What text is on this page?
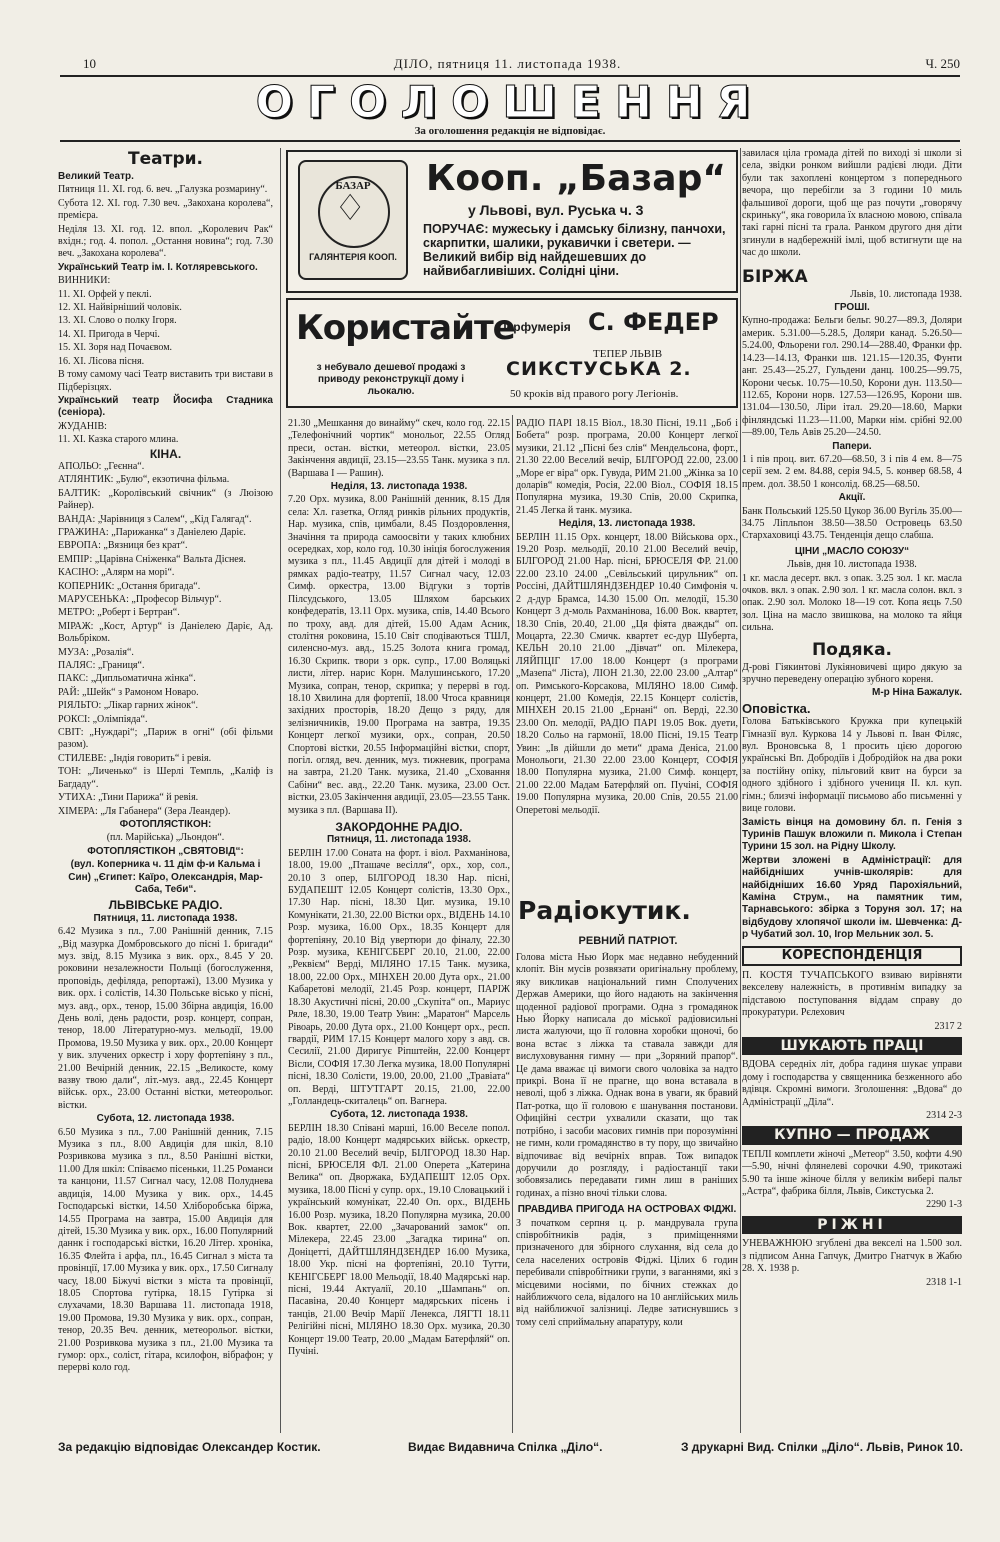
10	ДІЛО, пятниця 11. листопада 1938.	Ч. 250
ОГОЛОШЕННЯ
За оголошення редакція не відповідає.

Театри.

Великий Театр.

Пятниця 11. XI. год. 6. веч. „Галузка розмарину“.

Субота 12. XI. год. 7.30 веч. „Закохана королева“, премієра.

Неділя 13. XI. год. 12. впол. „Королевич Рак“ вхідн.; год. 4. попол. „Остання новина“; год. 7.30 веч. „Закохана королева“.

Український Театр ім. І. Котляревського.

ВИННИКИ:

11. XI. Орфей у пеклі.

12. XI. Найвірніший чоловік.

13. XI. Слово о полку Ігоря.

14. XI. Пригода в Черчі.

15. XI. Зоря над Почаєвом.

16. XI. Лісова пісня.

В тому самому часі Театр виставить три вистави в Підберізцях.

Український театр Йосифа Стадника (сеніора).

ЖУДАНІВ:

11. XI. Казка старого млина.

КІНА.

АПОЛЬО: „Геєнна“.

АТЛЯНТИК: „Булю“, екзотична фільма.

БАЛТИК: „Королівський свічник“ (з Люізою Райнер).

ВАНДА: „Чарівниця з Салем“, „Кід Галягад“.

ГРАЖИНА: „Парижанка“ з Даніелею Даріє.

ЕВРОПА: „Вязниця без крат“.

ЕМПІР: „Царівна Сніженка“ Вальта Діснея.

КАСІНО: „Алярм на морі“.

КОПЕРНИК: „Остання бригада“.

МАРУСЕНЬКА: „Професор Вільчур“.

МЕТРО: „Роберт і Бертран“.

МІРАЖ: „Кост, Артур“ із Даніелею Даріє, Ад. Вольбріком.

МУЗА: „Розалія“.

ПАЛЯС: „Границя“.

ПАКС: „Дипльоматична жінка“.

РАЙ: „Шейк“ з Рамоном Новаро.

РІЯЛЬТО: „Лікар гарних жінок“.

РОКСІ: „Олімпіяда“.

СВІТ: „Нуждарі“; „Париж в огні“ (обі фільми разом).

СТИЛЕВЕ: „Індія говорить“ і ревія.

ТОН: „Личенько“ із Шерлі Темпль, „Каліф із Багдаду“.

УТИХА: „Тини Парижа“ й ревія.

ХІМЕРА: „Ля Габанера“ (Зера Леандер).

ФОТОПЛЯСТІКОН:

(пл. Марійська) „Льондон“.

ФОТОПЛЯСТІКОН „СВЯТОВІД“:

(вул. Коперника ч. 11 дім ф-и Кальма і Син) „Єгипет: Каїро, Олександрія, Мар-Саба, Теби“.

ЛЬВІВСЬКЕ РАДІО.

Пятниця, 11. листопада 1938.

6.42 Музика з пл., 7.00 Ранішній денник, 7.15 „Від мазурка Домбровського до пісні 1. бригади“ муз. звід, 8.15 Музика з вик. орх., 8.45 У 20. роковини незалежности Польщі (богослуження, проповідь, дефіляда, репортажі), 13.00 Музика у вик. орх. і солістів, 14.30 Польське вісько у пісні, муз. авд., орх., тенор, 15.00 Збірна авдиція, 16.00 День волі, день радости, розр. концерт, сопран, тенор, 18.00 Літературно-муз. мельодії, 19.00 Промова, 19.50 Музика у вик. орх., 20.00 Концерт у вик. злучених оркестр і хору фортепіяну з пл., 21.00 Вечірній денник, 22.15 „Великосте, кому вазву твою дали“, літ.-муз. авд., 22.45 Концерт військ. орх., 23.00 Останні вістки, метеорольог. вістки.

Субота, 12. листопада 1938.

6.50 Музика з пл., 7.00 Ранішній денник, 7.15 Музика з пл., 8.00 Авдиція для шкіл, 8.10 Розривкова музика з пл., 8.50 Ранішні вістки, 11.00 Для шкіл: Співаємо пісеньки, 11.25 Романси та канцони, 11.57 Сигнал часу, 12.08 Полуднева авдиція, 14.00 Музика у вик. орх., 14.45 Господарські вістки, 14.50 Хліборобська біржа, 14.55 Програма на завтра, 15.00 Авдиція для дітей, 15.30 Музика у вик. орх., 16.00 Популярний даннк і господарські вістки, 16.20 Літер. хроніка, 16.35 Флейта і арфа, пл., 16.45 Сигнал з міста та провінції, 17.00 Музика у вик. орх., 17.50 Сигналу часу, 18.00 Біжучі вістки з міста та провінції, 18.05 Спортова гутірка, 18.15 Гутірка зі слухачами, 18.30 Варшава 11. листопада 1918, 19.00 Промова, 19.30 Музика у вик. орх., сопран, тенор, 20.35 Веч. денник, метеорольог. вістки, 21.00 Розривкова музика з пл., 21.00 Музика та гумор: орх., соліст, гітара, ксилофон, вібрафон; у перерві коло год.

БАЗАР
♢
ГАЛЯНТЕРІЯ КООП.
Кооп. „Базар“
у Львові, вул. Руська ч. 3
ПОРУЧАЄ: мужеську і дамську білизну, панчохи, скарпитки, шалики, рукавички і светери. — Великий вибір від найдешевших до найвибагливіших. Солідні ціни.
Користайте
з небувало дешевої продажі з приводу реконструкції дому і льокалю.
Перфумерія С. ФЕДЕР
ТЕПЕР ЛЬВІВ
СИКСТУСЬКА 2.
50 кроків від правого рогу Легіонів.

21.30 „Мешкання до винайму“ скеч, коло год. 22.15 „Телефонічний чортик“ монольог, 22.55 Огляд преси, остан. вістки, метеорол. вістки, 23.05 Закінчення авдиції, 23.15—23.55 Танк. музика з пл. (Варшава І — Рашин).

Неділя, 13. листопада 1938.

7.20 Орх. музика, 8.00 Ранішній денник, 8.15 Для села: Хл. газетка, Огляд ринків рільних продуктів, Нар. музика, спів, цимбали, 8.45 Поздоровлення, Значіння та природа самоосвіти у таких клюбних осередках, хор, коло год. 10.30 ініція богослужения музика з пл., 11.45 Авдиції для дітей і молоді в рямках радіо-театру, 11.57 Сигнал часу, 12.03 Симф. оркестра, 13.00 Відгуки з тортів Пілсудського, 13.05 Шляхом барських конфедератів, 13.11 Орх. музика, спів, 14.40 Всього по троху, авд. для дітей, 15.00 Адам Асник, столітня роковина, 15.10 Світ сподіваються ТШЛ, силенсно-муз. авд., 15.25 Золота книга громад, 16.30 Скрипк. твори з орк. супр., 17.00 Воляцькі листи, літер. нарис Корн. Малушинського, 17.20 Музика, сопран, тенор, скрипка; у перерві в год. 18.10 Хвилина для фортепії, 18.00 Чтоса кравниця західних просторів, 18.20 Дещо з ряду, для зелізничників, 19.00 Програма на завтра, 19.35 Концерт легкої музики, орх., сопран, 20.50 Спортові вістки, 20.55 Інформаційні вістки, спорт, погіл. огляд, веч. денник, муз. тижневик, програма на завтра, 21.20 Танк. музика, 21.40 „Сховання Сабіни“ вес. авд., 22.20 Танк. музика, 23.00 Ост. вістки, 23.05 Закінчення авдиції, 23.05—23.55 Танк. музика з пл. (Варшава ІІ).

ЗАКОРДОННЕ РАДІО.

Пятниця, 11. листопада 1938.

БЕРЛІН 17.00 Соната на форт. і віол. Рахманінова, 18.00, 19.00 „Пташаче весілля“, орх., хор, сол., 20.10 3 опер, БІЛГОРОД 18.30 Нар. пісні, БУДАПЕШТ 12.05 Концерт солістів, 13.30 Орх., 17.30 Нар. пісні, 18.30 Циг. музика, 19.10 Комунікати, 21.30, 22.00 Вістки орх., ВІДЕНЬ 14.10 Розр. музика, 16.00 Орх., 18.35 Концерт для фортепіяну, 20.10 Від увертюри до фіналу, 22.30 Розр. музика, КЕНІГСБЕРГ 20.10, 21.00, 22.00 „Реквієм“ Верді, МІЛЯНО 17.15 Танк. музика, 18.00, 22.00 Орх., МІНХЕН 20.00 Дута орх., 21.00 Кабаретові мелодії, 21.45 Розр. концерт, ПАРІЖ 18.30 Акустичні пісні, 20.00 „Скупіта“ оп., Мариус Ряле, 18.30, 19.00 Театр Увин: „Маратон“ Марсель Рівоарь, 20.00 Дута орх., 21.00 Концерт орх., респ. гвардії, РИМ 17.15 Концерт малого хору з авд. св. Сесилії, 21.00 Диригує Ріпштейн, 22.00 Концерт Вісли, СОФІЯ 17.30 Легка музика, 18.00 Популярні пісні, 18.30 Солісти, 19.00, 20.00, 21.00 „Травіата“ оп. Верді, ШТУТГАРТ 20.15, 21.00, 22.00 „Голландець-скиталець“ оп. Вагнера.

Субота, 12. листопада 1938.

БЕРЛІН 18.30 Співані марші, 16.00 Веселе попол. радіо, 18.00 Концерт мадярських військ. оркестр, 20.10 21.00 Веселий вечір, БІЛГОРОД 18.30 Нар. пісні, БРЮСЕЛЯ ФЛ. 21.00 Оперета „Катерина Велика“ оп. Дворжака, БУДАПЕШТ 12.05 Орх. музика, 18.00 Пісні у супр. орх., 19.10 Словацький і український комунікат, 22.40 Оп. орх., ВІДЕНЬ 16.00 Розр. музика, 18.20 Популярна музика, 20.00 Вок. квартет, 22.00 „Зачарований замок“ оп. Мілекера, 22.45 23.00 „Загадка тирина“ оп. Доніцетті, ДАЙТШЛЯНДЗЕНДЕР 16.00 Музика, 18.00 Укр. пісні на фортепіяні, 20.10 Тутти, КЕНІГСБЕРГ 18.00 Мельодії, 18.40 Мадярські нар. пісні, 19.44 Актуалії, 20.10 „Шампань“ оп. Пасавіна, 20.40 Концерт мадярських пісень і танців, 21.00 Вечір Марії Ленекса, ЛЯГТІ 18.11 Релігійні пісні, МІЛЯНО 18.30 Орх. музика, 20.30 Концерт 19.00 Театр, 20.00 „Мадам Батерфляй“ оп. Пучіні.

РАДІО ПАРІ 18.15 Віол., 18.30 Пісні, 19.11 „Боб і Бобета“ розр. програма, 20.00 Концерт легкої музики, 21.12 „Пісні без слів“ Мендельсона, форт., 21.30 22.00 Веселий вечір, БІЛГОРОД 22.00, 23.00 „Море ег віра“ орк. Гувуда, РИМ 21.00 „Жінка за 10 доларів“ комедія, Росія, 22.00 Віол., СОФІЯ 18.15 Популярна музика, 19.30 Спів, 20.00 Скрипка, 21.45 Легка й танк. музика.

Неділя, 13. листопада 1938.

БЕРЛІН 11.15 Орх. концерт, 18.00 Військова орх., 19.20 Розр. мельодії, 20.10 21.00 Веселий вечір, БІЛГОРОД 21.00 Нар. пісні, БРЮСЕЛЯ ФР. 21.00 22.00 23.10 24.00 „Севільський цирульник“ оп. Россіні, ДАЙТШЛЯНДЗЕНДЕР 10.40 Симфонія ч. 2 д-дур Брамса, 14.30 15.00 Оп. мелодії, 15.30 Концерт 3 д-моль Рахманінова, 16.00 Вок. квартет, 18.30 Спів, 20.40, 21.00 „Ця фіята дважды“ оп. Моцарта, 22.30 Смичк. квартет ес-дур Шуберта, КЕЛЬН 20.10 21.00 „Дівчат“ оп. Мілекера, ЛЯЙПЦІГ 17.00 18.00 Концерт (з програми „Мазепа“ Ліста), ЛІОН 21.30, 22.00 23.00 „Алтар“ оп. Римського-Корсакова, МІЛЯНО 18.00 Симф. концерт, 21.00 Комедія, 22.15 Концерт солістів, МІНХЕН 20.15 21.00 „Ернані“ оп. Верді, 22.30 23.00 Оп. мелодії, РАДІО ПАРІ 19.05 Вок. дуети, 18.20 Сольо на гармонії, 18.00 Пісні, 19.15 Театр Увин: „Ів дійшли до мети“ драма Деніса, 21.00 Монольоги, 21.30 22.00 23.00 Концерт, СОФІЯ 18.00 Популярна музика, 21.00 Симф. концерт, 21.00 22.00 Мадам Батерфляй оп. Пучіні, СОФІЯ 19.00 Популярна музика, 20.00 Спів, 20.55 21.00 Оперетові мельодії.

Радіокутик.
РЕВНИЙ ПАТРІОТ.

Голова міста Нью Йорк має недавно небуденний клопіт. Він мусів розвязати оригінальну проблему, яку викликав національний гимн Сполучених Держав Америки, що його надають на закінчення щоденної радіової програми. Одна з громадянок Нью Йорку написала до міської радіовисильні листа жалуючи, що її головна хоробки щоночі, бо вона встає з ліжка та ставала завжди для вислуховування гимну — при „Зоряний прапор“. Це дама вважає ці вимоги свого чоловіка за надто прикрі. Вона її не прагне, що вона вставала в неволі, щоб з ліжка. Однак вона в уваги, як бравий Пат-ротка, що її головою є шанування постанови. Офиційні сестри ухвалили сказати, що так потрібно, і засоби масових гимнів при порозумінні не гимн, коли громадянство в ту пору, що звичайно відпочиває від вечірніх вправ. Тож випадок доручили до розгляду, і радіостанції таки зобовязались передавати гимн лиш в раніших годинах, а пізно вночі тільки слова.

ПРАВДИВА ПРИГОДА НА ОСТРОВАХ ФІДЖІ.

З початком серпня ц. р. мандрувала група співробітників радія, з приміщеннями призначеного для збірного слухання, від села до села населених островів Фіджі. Цілих 6 годин перебивали співробітники групи, з ваганнями, які з місцевими носіями, по бічних стежках до найближчого села, відалого на 10 англійських миль від найближчої залізниці. Ледве затиснувшись з тому селі сприймальну апаратуру, коли

завилася ціла громада дітей по виході зі школи зі села, звідки ронком вийшли радієві люди. Діти були так захоплені концертом з попереднього вечора, що перебігли за 3 години 10 миль фальшивої дороги, щоб ще раз почути „говорячу скриньку“, яка говорила їх власною мовою, співала такі гарні пісні та грала. Ранком другого дня діти згинули в надбережній імлі, щоб встигнути ще на час до школи.

БІРЖА

Львів, 10. листопада 1938.

ГРОШІ.

Купно-продажа: Бельги бельг. 90.27—89.3, Доляри америк. 5.31.00—5.28.5, Доляри канад. 5.26.50—5.24.00, Фльорени гол. 290.14—288.40, Франки фр. 14.23—14.13, Франки шв. 121.15—120.35, Фунти анг. 25.43—25.27, Гульдени данц. 100.25—99.75, Корони чеськ. 10.75—10.50, Корони дун. 113.50—112.65, Корони норв. 127.53—126.95, Корони шв. 131.04—130.50, Ліри італ. 29.20—18.60, Марки фінляндські 11.23—11.00, Марки нім. срібні 92.00—89.00, Тель Авів 25.20—24.50.

Папери.

1 і пів проц. вит. 67.20—68.50, 3 і пів 4 ем. 8—75 серії зем. 2 ем. 84.88, серія 94.5, 5. конвер 68.58, 4 прем. дол. 38.50 1 консолід. 68.25—68.50.

Акції.

Банк Польський 125.50 Цукор 36.00 Вугіль 35.00—34.75 Ліпльпон 38.50—38.50 Островець 63.50 Стархаховиці 43.75. Тенденція дещо слабша.

ЦІНИ „МАСЛО СОЮЗУ“

Львів, дня 10. листопада 1938.

1 кг. масла десерт. вкл. з опак. 3.25 зол. 1 кг. масла очков. вкл. з опак. 2.90 зол. 1 кг. масла солон. вкл. з опак. 2.90 зол. Молоко 18—19 сот. Копа яєць 7.50 зол. Ціна на масло звишкова, на молоко та яйця сильна.

Подяка.

Д-рові Гіякинтові Лукіяновичеві щиро дякую за зручно переведену операцію зубного кореня.

М-р Ніна Бажалук.

Оповістка.

Голова Батьківського Кружка при купецькій Гімназії вул. Куркова 14 у Львові п. Іван Філяс, вул. Вроновська 8, 1 просить цією дорогою українські Вп. Добродіїв і Добродійок на два роки за постійну опіку, пільговий квит на бурси за одного здібного і здібного учениця ІІ. кл. куп. гімн.; близчі інформації письмово або письменні у вице голови.

Замість вінця на домовину бл. п. Генія з Туринів Пашук вложили п. Микола і Степан Турини 15 зол. на Рідну Школу.

Жертви зложені в Адміністрації: для найбідніших учнів-школярів: для найбідніших 16.60 Уряд Парохіяльний, Каміна Струм., на памятник тим, Тарнавського: збірка з Торуня зол. 17; на відбудову хлопячої школи ім. Шевченка: Д-р Чубатий зол. 10, Ігор Мельник зол. 5.

КОРЕСПОНДЕНЦІЯ

П. КОСТЯ ТУЧАПСЬКОГО взиваю вирівняти векселеву належність, в противнім випадку за підставою поступовання віддам справу до прокуратури. Рєлехович

2317 2

ШУКАЮТЬ ПРАЦІ

ВДОВА середніх літ, добра гадиня шукає управи дому і господарства у священника безженного або вдівця. Скромні вимоги. Зголошення: „Вдова“ до Адміністрації „Діла“.

2314 2-3

КУПНО — ПРОДАЖ

ТЕПЛІ комплети жіночі „Метеор“ 3.50, кофти 4.90—5.90, нічні флянелеві сорочки 4.90, трикотажі 5.90 та інше жіноче білля у великім вибері пальт „Астра“, фабрика білля, Львів, Сикстуська 2.

2290 1-3

РІЖНІ

УНЕВАЖНЮЮ згублені два векселі на 1.500 зол. з підписом Анна Гапчук, Дмитро Гнатчук в Жабю 28. X. 1938 р.

2318 1-1

За редакцію відповідає Олександер Костик.	Видає Видавнича Спілка „Діло“.	З друкарні Вид. Спілки „Діло“. Львів, Ринок 10.
